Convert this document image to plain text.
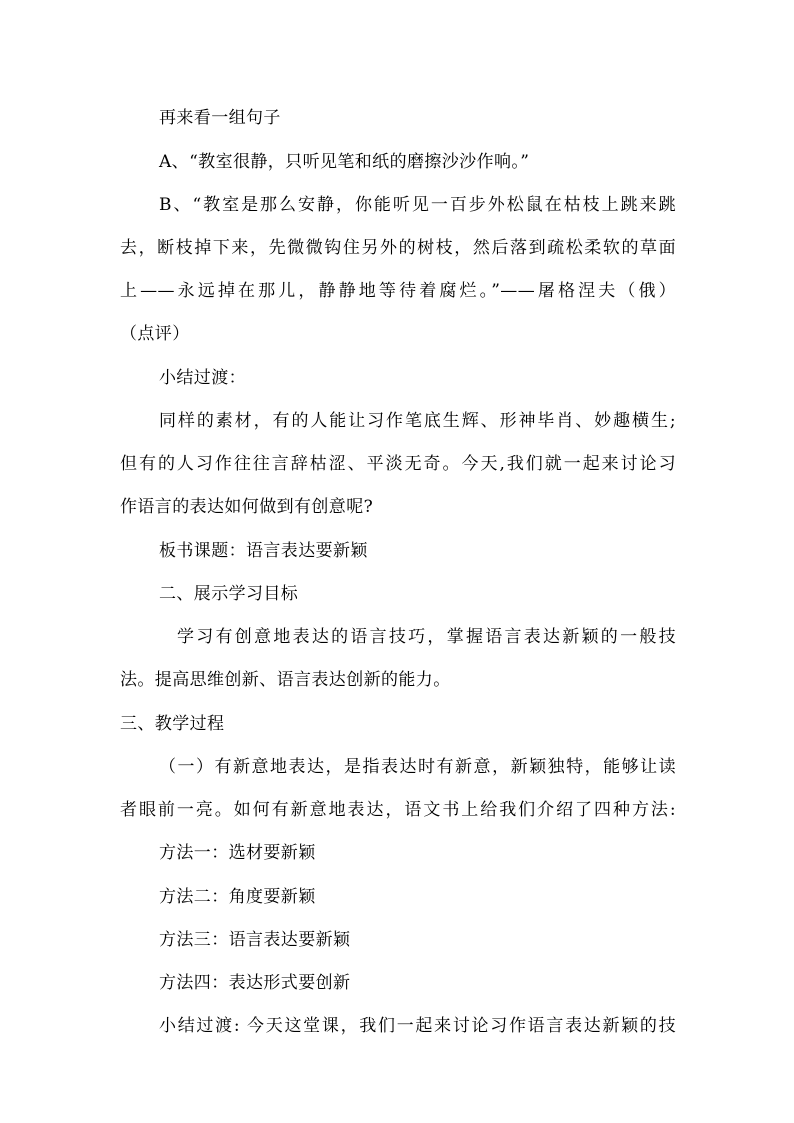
再来看一组句子
A、“教室很静，只听见笔和纸的磨擦沙沙作响。”
B、“教室是那么安静，你能听见一百步外松鼠在枯枝上跳来跳
去，断枝掉下来，先微微钩住另外的树枝，然后落到疏松柔软的草面
上——永远掉在那儿，静静地等待着腐烂。”——屠格涅夫（俄）
（点评）
小结过渡：
同样的素材，有的人能让习作笔底生辉、形神毕肖、妙趣横生;
但有的人习作往往言辞枯涩、平淡无奇。今天,我们就一起来讨论习
作语言的表达如何做到有创意呢?
板书课题：语言表达要新颖
二、展示学习目标
学习有创意地表达的语言技巧，掌握语言表达新颖的一般技
法。提高思维创新、语言表达创新的能力。
三、教学过程
（一）有新意地表达，是指表达时有新意，新颖独特，能够让读
者眼前一亮。如何有新意地表达，语文书上给我们介绍了四种方法:
方法一：选材要新颖
方法二：角度要新颖
方法三：语言表达要新颖
方法四：表达形式要创新
小结过渡: 今天这堂课，我们一起来讨论习作语言表达新颖的技
